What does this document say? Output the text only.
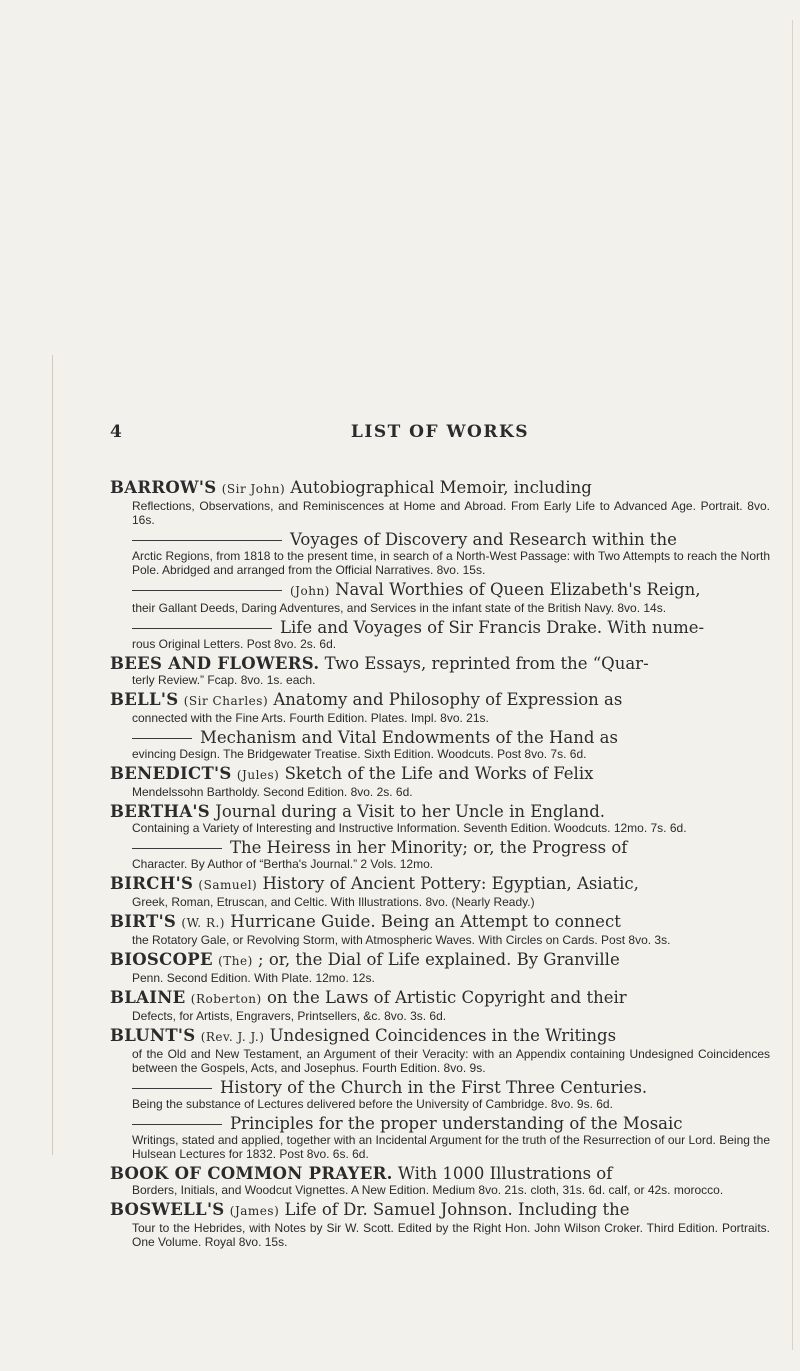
4	LIST OF WORKS

BARROW'S (Sir John) Autobiographical Memoir, including

Reflections, Observations, and Reminiscences at Home and Abroad. From Early Life to Advanced Age. Portrait. 8vo. 16s.

Voyages of Discovery and Research within the

Arctic Regions, from 1818 to the present time, in search of a North-West Passage: with Two Attempts to reach the North Pole. Abridged and arranged from the Official Narratives. 8vo. 15s.

(John) Naval Worthies of Queen Elizabeth's Reign,

their Gallant Deeds, Daring Adventures, and Services in the infant state of the British Navy. 8vo. 14s.

Life and Voyages of Sir Francis Drake. With nume-

rous Original Letters. Post 8vo. 2s. 6d.

BEES AND FLOWERS. Two Essays, reprinted from the “Quar-

terly Review.” Fcap. 8vo. 1s. each.

BELL'S (Sir Charles) Anatomy and Philosophy of Expression as

connected with the Fine Arts. Fourth Edition. Plates. Impl. 8vo. 21s.

Mechanism and Vital Endowments of the Hand as

evincing Design. The Bridgewater Treatise. Sixth Edition. Woodcuts. Post 8vo. 7s. 6d.

BENEDICT'S (Jules) Sketch of the Life and Works of Felix

Mendelssohn Bartholdy. Second Edition. 8vo. 2s. 6d.

BERTHA'S Journal during a Visit to her Uncle in England.

Containing a Variety of Interesting and Instructive Information. Seventh Edition. Woodcuts. 12mo. 7s. 6d.

The Heiress in her Minority; or, the Progress of

Character. By Author of “Bertha's Journal.” 2 Vols. 12mo.

BIRCH'S (Samuel) History of Ancient Pottery: Egyptian, Asiatic,

Greek, Roman, Etruscan, and Celtic. With Illustrations. 8vo. (Nearly Ready.)

BIRT'S (W. R.) Hurricane Guide. Being an Attempt to connect

the Rotatory Gale, or Revolving Storm, with Atmospheric Waves. With Circles on Cards. Post 8vo. 3s.

BIOSCOPE (The) ; or, the Dial of Life explained. By Granville

Penn. Second Edition. With Plate. 12mo. 12s.

BLAINE (Roberton) on the Laws of Artistic Copyright and their

Defects, for Artists, Engravers, Printsellers, &c. 8vo. 3s. 6d.

BLUNT'S (Rev. J. J.) Undesigned Coincidences in the Writings

of the Old and New Testament, an Argument of their Veracity: with an Appendix containing Undesigned Coincidences between the Gospels, Acts, and Josephus. Fourth Edition. 8vo. 9s.

History of the Church in the First Three Centuries.

Being the substance of Lectures delivered before the University of Cambridge. 8vo. 9s. 6d.

Principles for the proper understanding of the Mosaic

Writings, stated and applied, together with an Incidental Argument for the truth of the Resurrection of our Lord. Being the Hulsean Lectures for 1832. Post 8vo. 6s. 6d.

BOOK OF COMMON PRAYER. With 1000 Illustrations of

Borders, Initials, and Woodcut Vignettes. A New Edition. Medium 8vo. 21s. cloth, 31s. 6d. calf, or 42s. morocco.

BOSWELL'S (James) Life of Dr. Samuel Johnson. Including the

Tour to the Hebrides, with Notes by Sir W. Scott. Edited by the Right Hon. John Wilson Croker. Third Edition. Portraits. One Volume. Royal 8vo. 15s.
